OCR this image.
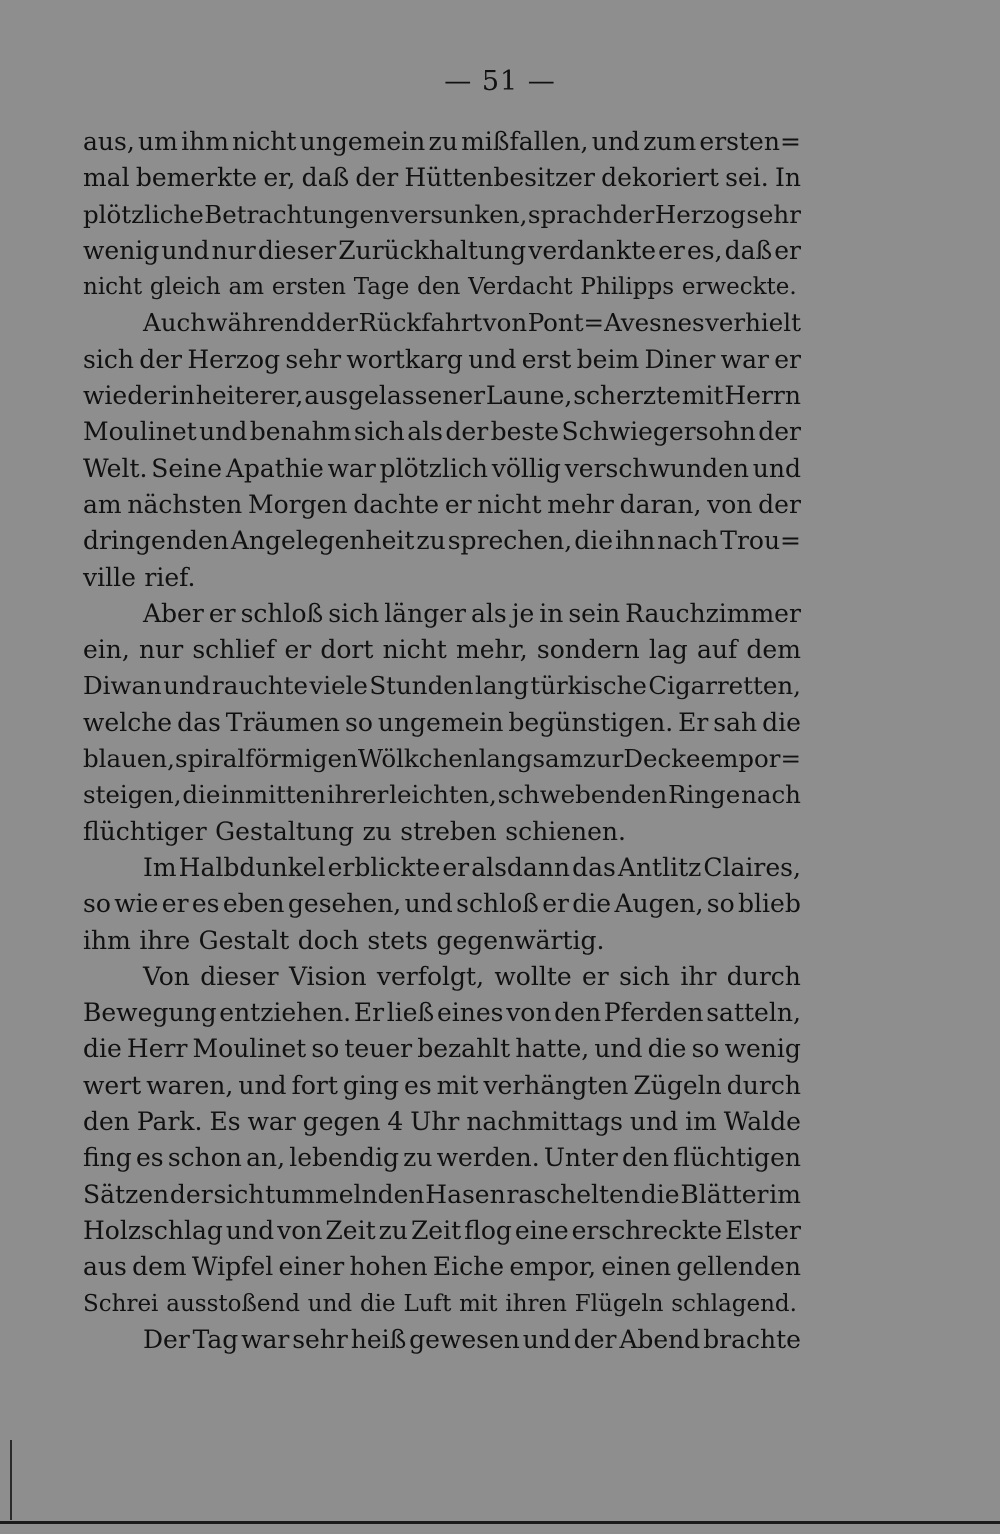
— 51 —
aus, um ihm nicht ungemein zu mißfallen, und zum ersten=
mal bemerkte er, daß der Hüttenbesitzer dekoriert sei. In
plötzliche Betrachtungen versunken, sprach der Herzog sehr
wenig und nur dieser Zurückhaltung verdankte er es, daß er
nicht gleich am ersten Tage den Verdacht Philipps erweckte.
Auch während der Rückfahrt von Pont=Avesnes verhielt
sich der Herzog sehr wortkarg und erst beim Diner war er
wieder in heiterer, ausgelassener Laune, scherzte mit Herrn
Moulinet und benahm sich als der beste Schwiegersohn der
Welt. Seine Apathie war plötzlich völlig verschwunden und
am nächsten Morgen dachte er nicht mehr daran, von der
dringenden Angelegenheit zu sprechen, die ihn nach Trou=
ville rief.
Aber er schloß sich länger als je in sein Rauchzimmer
ein, nur schlief er dort nicht mehr, sondern lag auf dem
Diwan und rauchte viele Stunden lang türkische Cigarretten,
welche das Träumen so ungemein begünstigen. Er sah die
blauen, spiralförmigen Wölkchen langsam zur Decke empor=
steigen, die inmitten ihrer leichten, schwebenden Ringe nach
flüchtiger Gestaltung zu streben schienen.
Im Halbdunkel erblickte er alsdann das Antlitz Claires,
so wie er es eben gesehen, und schloß er die Augen, so blieb
ihm ihre Gestalt doch stets gegenwärtig.
Von dieser Vision verfolgt, wollte er sich ihr durch
Bewegung entziehen. Er ließ eines von den Pferden satteln,
die Herr Moulinet so teuer bezahlt hatte, und die so wenig
wert waren, und fort ging es mit verhängten Zügeln durch
den Park. Es war gegen 4 Uhr nachmittags und im Walde
fing es schon an, lebendig zu werden. Unter den flüchtigen
Sätzen der sich tummelnden Hasen raschelten die Blätter im
Holzschlag und von Zeit zu Zeit flog eine erschreckte Elster
aus dem Wipfel einer hohen Eiche empor, einen gellenden
Schrei ausstoßend und die Luft mit ihren Flügeln schlagend.
Der Tag war sehr heiß gewesen und der Abend brachte
